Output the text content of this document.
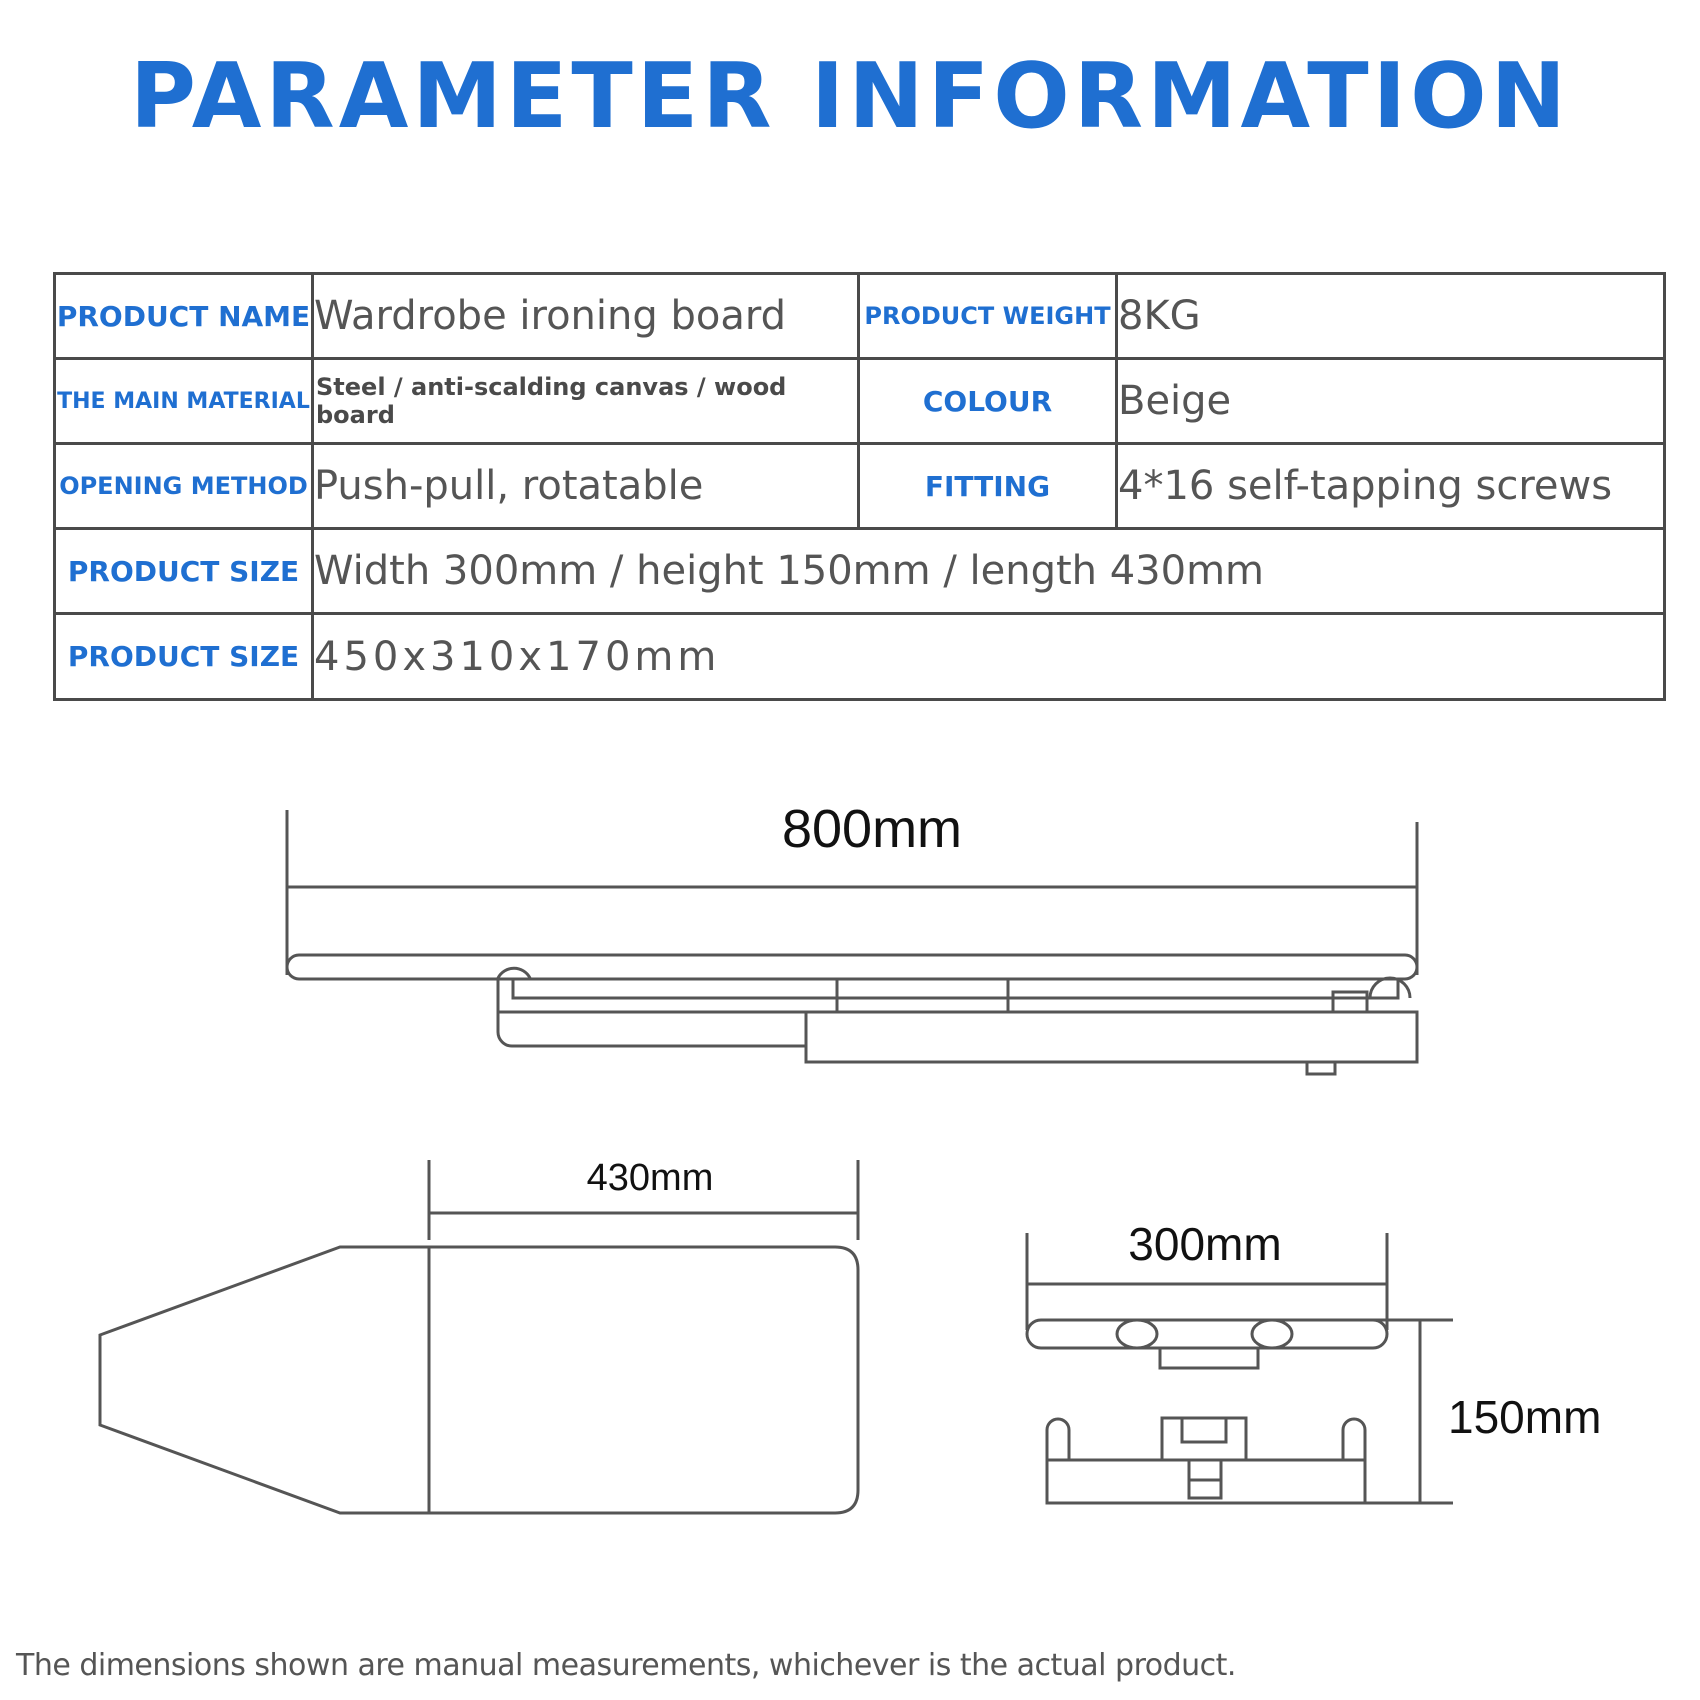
PARAMETER INFORMATION
PRODUCT NAME	Wardrobe ironing board	PRODUCT WEIGHT	8KG
THE MAIN MATERIAL	Steel / anti-scalding canvas / wood board	COLOUR	Beige
OPENING METHOD	Push-pull, rotatable	FITTING	4*16 self-tapping screws
PRODUCT SIZE	Width 300mm / height 150mm / length 430mm		
PRODUCT SIZE	450x310x170mm		
800mm
430mm
300mm
150mm
The dimensions shown are manual measurements, whichever is the actual product.
